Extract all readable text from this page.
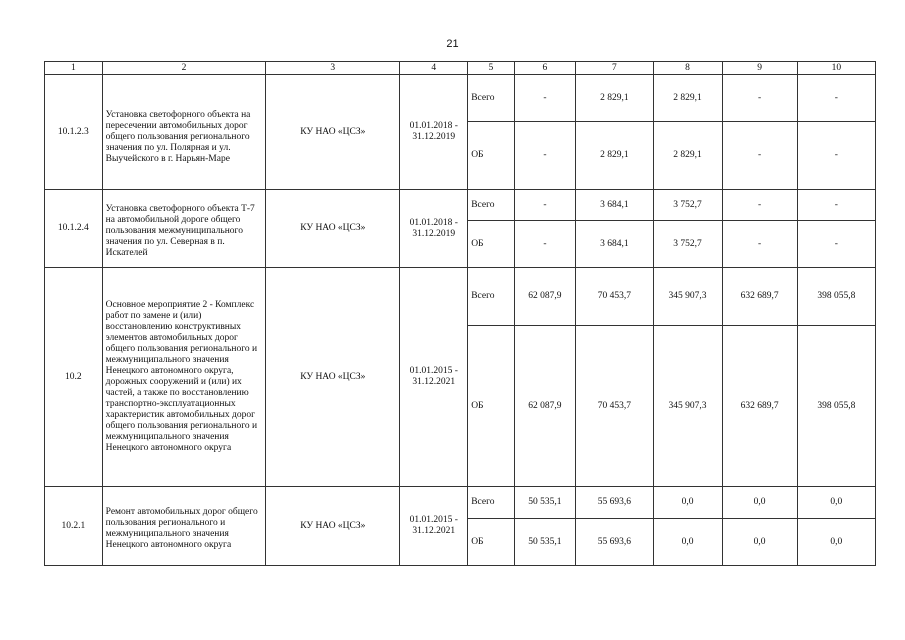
21
1	2	3	4	5	6	7	8	9	10
10.1.2.3	Установка светофорного объекта на пересечении автомобильных дорог общего пользования регионального значения по ул. Полярная и ул. Выучейского в г. Нарьян-Маре	КУ НАО «ЦСЗ»	01.01.2018 - 31.12.2019	Всего	-	2 829,1	2 829,1	-	-
				ОБ	-	2 829,1	2 829,1	-	-
10.1.2.4	Установка светофорного объекта Т-7 на автомобильной дороге общего пользования межмуниципального значения по ул. Северная в п. Искателей	КУ НАО «ЦСЗ»	01.01.2018 - 31.12.2019	Всего	-	3 684,1	3 752,7	-	-
				ОБ	-	3 684,1	3 752,7	-	-
10.2	Основное мероприятие 2 - Комплекс работ по замене и (или) восстановлению конструктивных элементов автомобильных дорог общего пользования регионального и межмуниципального значения Ненецкого автономного округа, дорожных сооружений и (или) их частей, а также по восстановлению транспортно-эксплуатационных характеристик автомобильных дорог общего пользования регионального и межмуниципального значения Ненецкого автономного округа	КУ НАО «ЦСЗ»	01.01.2015 - 31.12.2021	Всего	62 087,9	70 453,7	345 907,3	632 689,7	398 055,8
				ОБ	62 087,9	70 453,7	345 907,3	632 689,7	398 055,8
10.2.1	Ремонт автомобильных дорог общего пользования регионального и межмуниципального значения Ненецкого автономного округа	КУ НАО «ЦСЗ»	01.01.2015 - 31.12.2021	Всего	50 535,1	55 693,6	0,0	0,0	0,0
				ОБ	50 535,1	55 693,6	0,0	0,0	0,0
